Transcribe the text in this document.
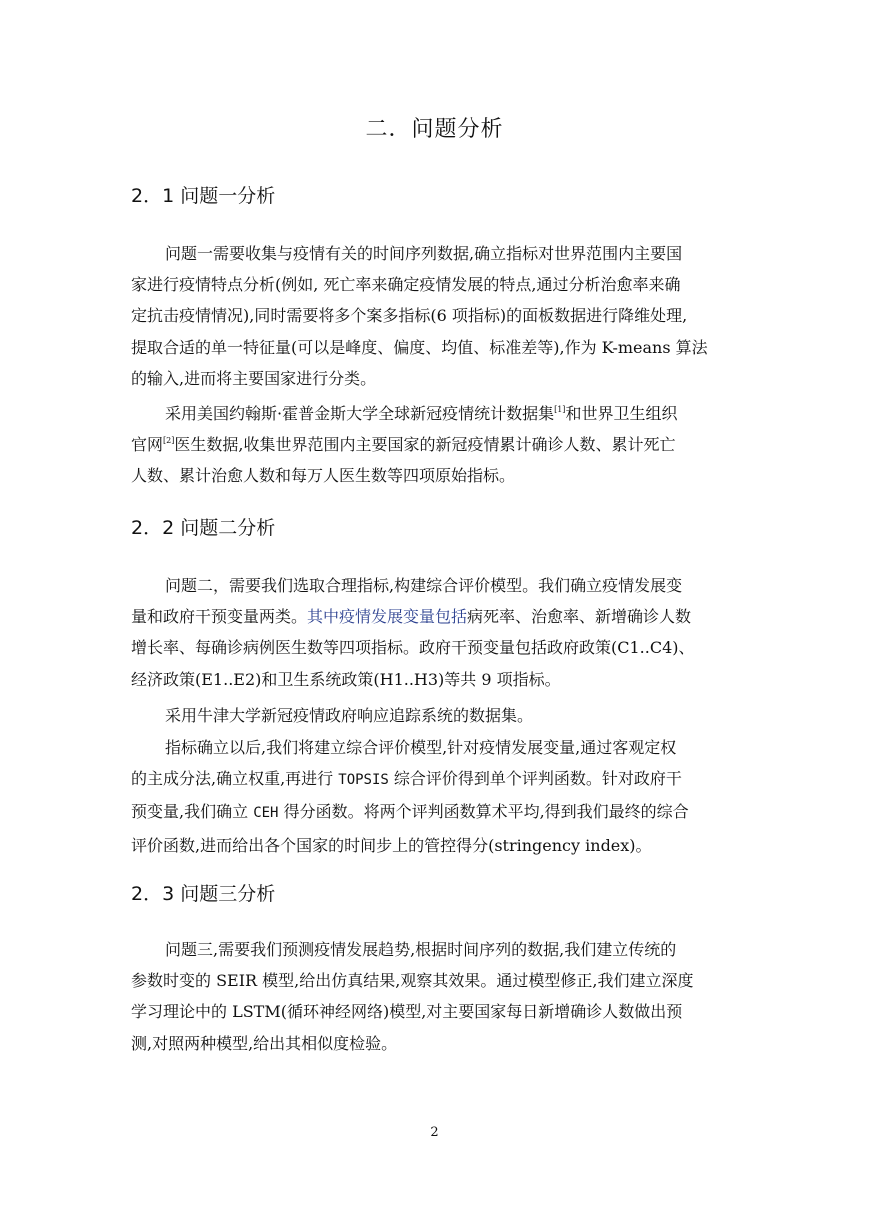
二．问题分析
2．1 问题一分析
问题一需要收集与疫情有关的时间序列数据,确立指标对世界范围内主要国
家进行疫情特点分析(例如, 死亡率来确定疫情发展的特点,通过分析治愈率来确
定抗击疫情情况),同时需要将多个案多指标(6 项指标)的面板数据进行降维处理,
提取合适的单一特征量(可以是峰度、偏度、均值、标准差等),作为 K-means 算法
的输入,进而将主要国家进行分类。
采用美国约翰斯·霍普金斯大学全球新冠疫情统计数据集[1]和世界卫生组织
官网[2]医生数据,收集世界范围内主要国家的新冠疫情累计确诊人数、累计死亡
人数、累计治愈人数和每万人医生数等四项原始指标。
2．2 问题二分析
问题二，需要我们选取合理指标,构建综合评价模型。我们确立疫情发展变
量和政府干预变量两类。其中疫情发展变量包括病死率、治愈率、新增确诊人数
增长率、每确诊病例医生数等四项指标。政府干预变量包括政府政策(C1..C4)、
经济政策(E1..E2)和卫生系统政策(H1..H3)等共 9 项指标。
采用牛津大学新冠疫情政府响应追踪系统的数据集。
指标确立以后,我们将建立综合评价模型,针对疫情发展变量,通过客观定权
的主成分法,确立权重,再进行 TOPSIS 综合评价得到单个评判函数。针对政府干
预变量,我们确立 CEH 得分函数。将两个评判函数算术平均,得到我们最终的综合
评价函数,进而给出各个国家的时间步上的管控得分(stringency index)。
2．3 问题三分析
问题三,需要我们预测疫情发展趋势,根据时间序列的数据,我们建立传统的
参数时变的 SEIR 模型,给出仿真结果,观察其效果。通过模型修正,我们建立深度
学习理论中的 LSTM(循环神经网络)模型,对主要国家每日新增确诊人数做出预
测,对照两种模型,给出其相似度检验。
2
